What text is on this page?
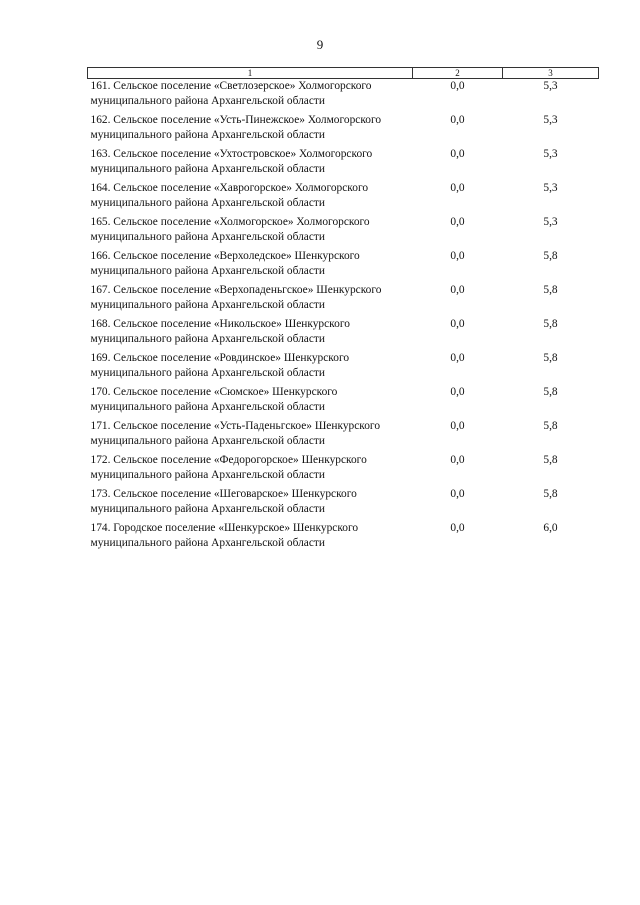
9
1	2	3
161. Сельское поселение «Светлозерское» Холмогорского муниципального района Архангельской области	0,0	5,3
162. Сельское поселение «Усть-Пинежское» Холмогорского муниципального района Архангельской области	0,0	5,3
163. Сельское поселение «Ухтостровское» Холмогорского муниципального района Архангельской области	0,0	5,3
164. Сельское поселение «Хаврогорское» Холмогорского муниципального района Архангельской области	0,0	5,3
165. Сельское поселение «Холмогорское» Холмогорского муниципального района Архангельской области	0,0	5,3
166. Сельское поселение «Верхоледское» Шенкурского муниципального района Архангельской области	0,0	5,8
167. Сельское поселение «Верхопаденьгское» Шенкурского муниципального района Архангельской области	0,0	5,8
168. Сельское поселение «Никольское» Шенкурского муниципального района Архангельской области	0,0	5,8
169. Сельское поселение «Ровдинское» Шенкурского муниципального района Архангельской области	0,0	5,8
170. Сельское поселение «Сюмское» Шенкурского муниципального района Архангельской области	0,0	5,8
171. Сельское поселение «Усть-Паденьгское» Шенкурского муниципального района Архангельской области	0,0	5,8
172. Сельское поселение «Федорогорское» Шенкурского муниципального района Архангельской области	0,0	5,8
173. Сельское поселение «Шеговарское» Шенкурского муниципального района Архангельской области	0,0	5,8
174. Городское поселение «Шенкурское» Шенкурского муниципального района Архангельской области	0,0	6,0
